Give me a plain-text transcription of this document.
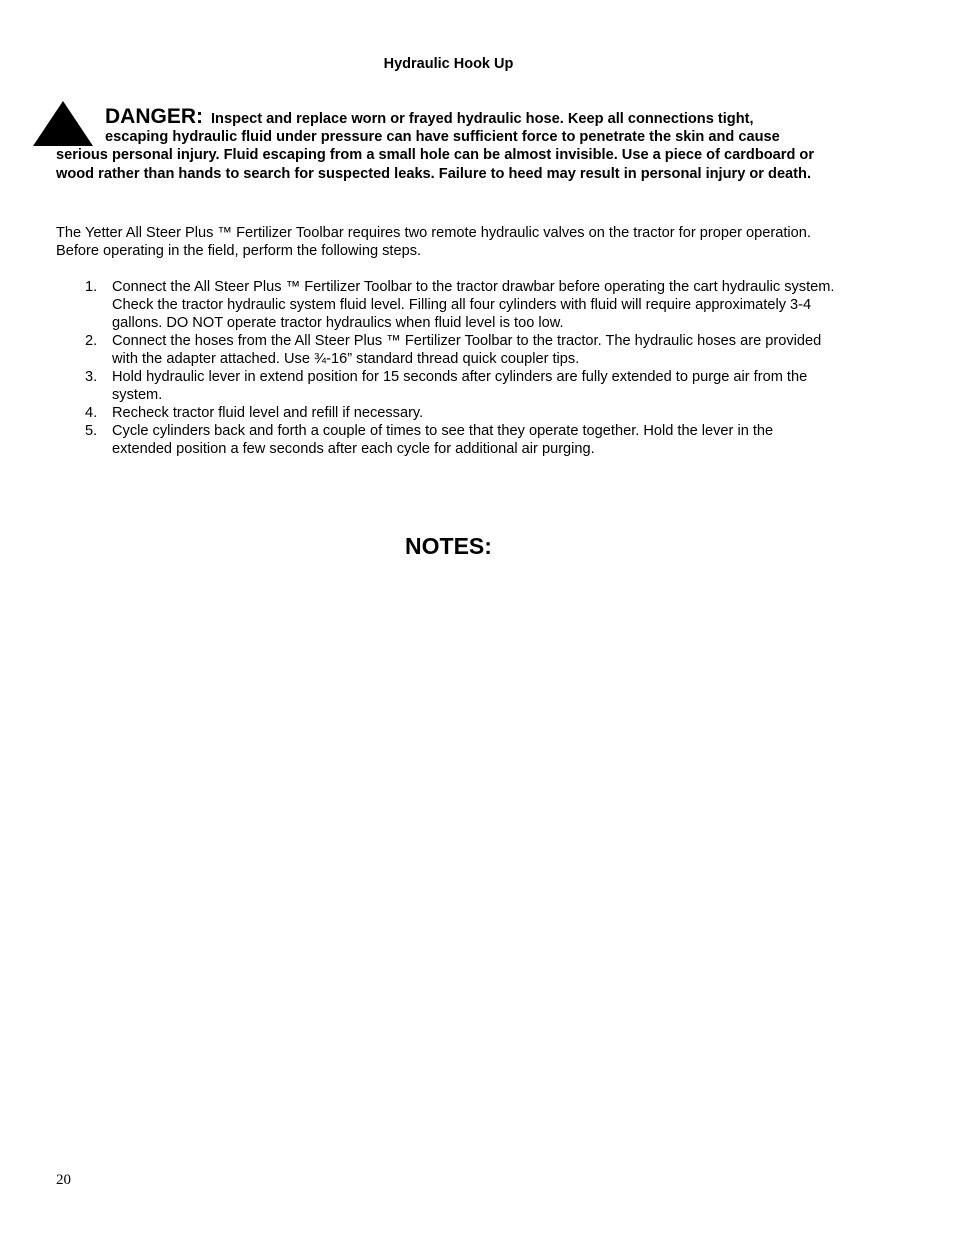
Hydraulic Hook Up
DANGER: Inspect and replace worn or frayed hydraulic hose. Keep all connections tight,
escaping hydraulic fluid under pressure can have sufficient force to penetrate the skin and cause
serious personal injury. Fluid escaping from a small hole can be almost invisible. Use a piece of cardboard or wood rather than hands to search for suspected leaks. Failure to heed may result in personal injury or death.
The Yetter All Steer Plus ™ Fertilizer Toolbar requires two remote hydraulic valves on the tractor for proper operation. Before operating in the field, perform the following steps.
1. Connect the All Steer Plus ™ Fertilizer Toolbar to the tractor drawbar before operating the cart hydraulic system. Check the tractor hydraulic system fluid level. Filling all four cylinders with fluid will require approximately 3-4 gallons. DO NOT operate tractor hydraulics when fluid level is too low.
2. Connect the hoses from the All Steer Plus ™ Fertilizer Toolbar to the tractor. The hydraulic hoses are provided with the adapter attached. Use ¾-16” standard thread quick coupler tips.
3. Hold hydraulic lever in extend position for 15 seconds after cylinders are fully extended to purge air from the system.
4. Recheck tractor fluid level and refill if necessary.
5. Cycle cylinders back and forth a couple of times to see that they operate together. Hold the lever in the extended position a few seconds after each cycle for additional air purging.
NOTES:
20
